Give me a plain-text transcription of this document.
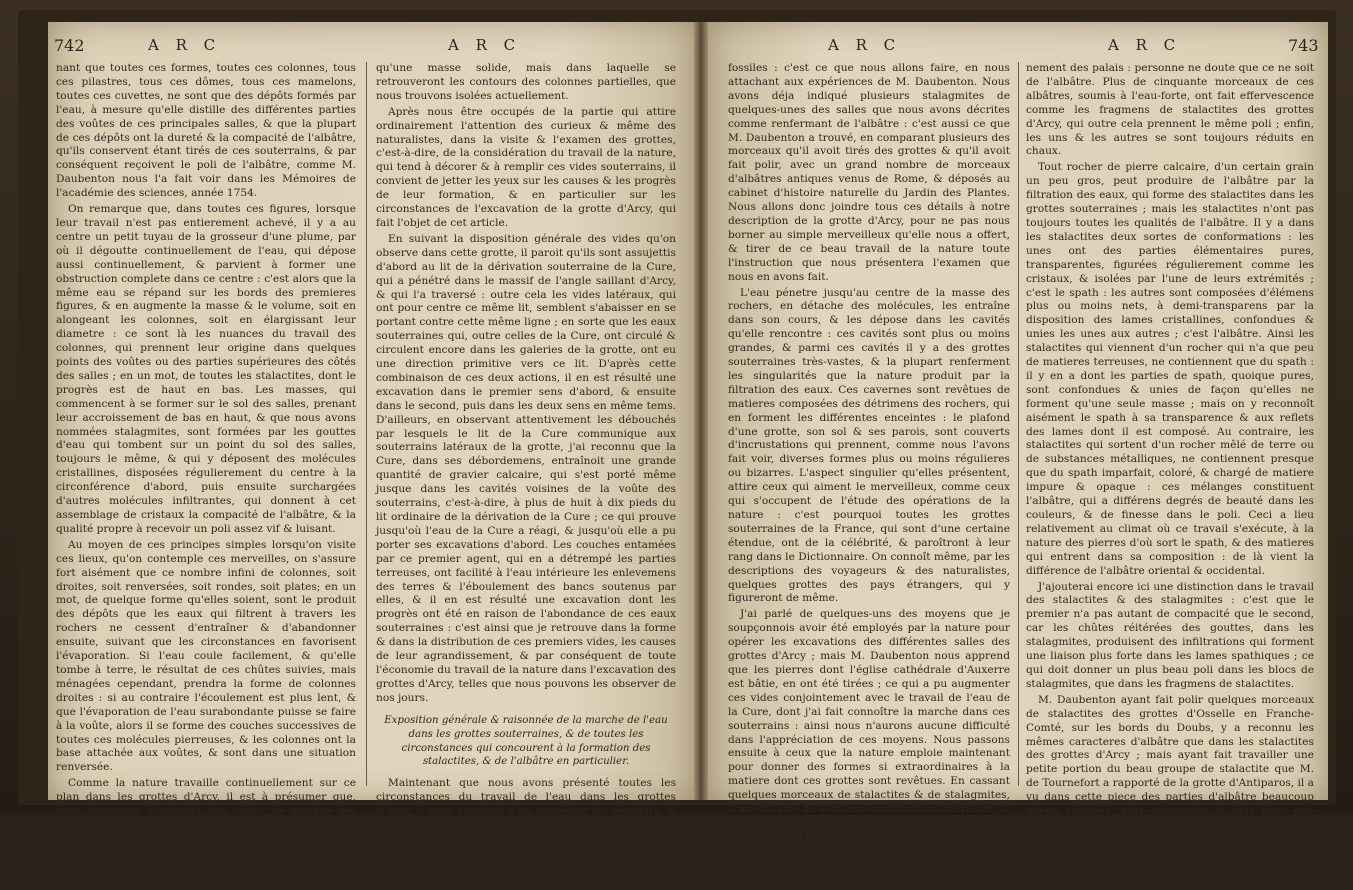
742	A R C	A R C

nant que toutes ces formes, toutes ces colonnes, tous ces pilastres, tous ces dômes, tous ces mamelons, toutes ces cuvettes, ne sont que des dépôts formés par l'eau, à mesure qu'elle distille des différentes parties des voûtes de ces principales salles, & que la plupart de ces dépôts ont la dureté & la compacité de l'albâtre, qu'ils conservent étant tirés de ces souterrains, & par conséquent reçoivent le poli de l'albâtre, comme M. Daubenton nous l'a fait voir dans les Mémoires de l'académie des sciences, année 1754.

On remarque que, dans toutes ces figures, lorsque leur travail n'est pas entierement achevé, il y a au centre un petit tuyau de la grosseur d'une plume, par où il dégoutte continuellement de l'eau, qui dépose aussi continuellement, & parvient à former une obstruction complete dans ce centre : c'est alors que la même eau se répand sur les bords des premieres figures, & en augmente la masse & le volume, soit en alongeant les colonnes, soit en élargissant leur diametre : ce sont là les nuances du travail des colonnes, qui prennent leur origine dans quelques points des voûtes ou des parties supérieures des côtés des salles ; en un mot, de toutes les stalactites, dont le progrès est de haut en bas. Les masses, qui commencent à se former sur le sol des salles, prenant leur accroissement de bas en haut, & que nous avons nommées stalagmites, sont formées par les gouttes d'eau qui tombent sur un point du sol des salles, toujours le même, & qui y déposent des molécules cristallines, disposées régulierement du centre à la circonférence d'abord, puis ensuite surchargées d'autres molécules infiltrantes, qui donnent à cet assemblage de cristaux la compacité de l'albâtre, & la qualité propre à recevoir un poli assez vif & luisant.

Au moyen de ces principes simples lorsqu'on visite ces lieux, qu'on contemple ces merveilles, on s'assure fort aisément que ce nombre infini de colonnes, soit droites, soit renversées, soit rondes, soit plates; en un mot, de quelque forme qu'elles soient, sont le produit des dépôts que les eaux qui filtrent à travers les rochers ne cessent d'entraîner & d'abandonner ensuite, suivant que les circonstances en favorisent l'évaporation. Si l'eau coule facilement, & qu'elle tombe à terre, le résultat de ces chûtes suivies, mais ménagées cependant, prendra la forme de colonnes droites : si au contraire l'écoulement est plus lent, & que l'évaporation de l'eau surabondante puisse se faire à la voûte, alors il se forme des couches successives de toutes ces molécules pierreuses, & les colonnes ont la base attachée aux voûtes, & sont dans une situation renversée.

Comme la nature travaille continuellement sur ce plan dans les grottes d'Arcy, il est à présumer que, dans beaucoup d'endroits des salles, le nombre des dépôts augmentera au point qu'il ne restera plus de vide, & que le tout ne formera plus

qu'une masse solide, mais dans laquelle se retrouveront les contours des colonnes partielles, que nous trouvons isolées actuellement.

Après nous être occupés de la partie qui attire ordinairement l'attention des curieux & même des naturalistes, dans la visite & l'examen des grottes, c'est-à-dire, de la considération du travail de la nature, qui tend à décorer & à remplir ces vides souterrains, il convient de jetter les yeux sur les causes & les progrès de leur formation, & en particulier sur les circonstances de l'excavation de la grotte d'Arcy, qui fait l'objet de cet article.

En suivant la disposition générale des vides qu'on observe dans cette grotte, il paroit qu'ils sont assujettis d'abord au lit de la dérivation souterraine de la Cure, qui a pénétré dans le massif de l'angle saillant d'Arcy, & qui l'a traversé : outre cela les vides latéraux, qui ont pour centre ce même lit, semblent s'abaisser en se portant contre cette même ligne ; en sorte que les eaux souterraines qui, outre celles de la Cure, ont circulé & circulent encore dans les galeries de la grotte, ont eu une direction primitive vers ce lit. D'après cette combinaison de ces deux actions, il en est résulté une excavation dans le premier sens d'abord, & ensuite dans le second, puis dans les deux sens en même tems. D'ailleurs, en observant attentivement les débouchés par lesquels le lit de la Cure communique aux souterrains latéraux de la grotte, j'ai reconnu que la Cure, dans ses débordemens, entraînoit une grande quantité de gravier calcaire, qui s'est porté même jusque dans les cavités voisines de la voûte des souterrains, c'est-à-dire, à plus de huit à dix pieds du lit ordinaire de la dérivation de la Cure ; ce qui prouve jusqu'où l'eau de la Cure a réagi, & jusqu'où elle a pu porter ses excavations d'abord. Les couches entamées par ce premier agent, qui en a détrempé les parties terreuses, ont facilité à l'eau intérieure les enlevemens des terres & l'éboulement des bancs soutenus par elles, & il en est résulté une excavation dont les progrès ont été en raison de l'abondance de ces eaux souterraines : c'est ainsi que je retrouve dans la forme & dans la distribution de ces premiers vides, les causes de leur agrandissement, & par conséquent de toute l'économie du travail de la nature dans l'excavation des grottes d'Arcy, telles que nous pouvons les observer de nos jours.

Exposition générale & raisonnée de la marche de l'eau dans les grottes souterraines, & de toutes les circonstances qui concourent à la formation des stalactites, & de l'albâtre en particulier.

Maintenant que nous avons présenté toutes les circonstances du travail de l'eau dans les grottes d'Arcy, il nous convient d'en apprécier les résultats, & de les ranger par ordre dans la liste de nos

A R C	A R C	743

fossiles : c'est ce que nous allons faire, en nous attachant aux expériences de M. Daubenton. Nous avons déja indiqué plusieurs stalagmites de quelques-unes des salles que nous avons décrites comme renfermant de l'albâtre : c'est aussi ce que M. Daubenton a trouvé, en comparant plusieurs des morceaux qu'il avoit tirés des grottes & qu'il avoit fait polir, avec un grand nombre de morceaux d'albâtres antiques venus de Rome, & déposés au cabinet d'histoire naturelle du Jardin des Plantes. Nous allons donc joindre tous ces détails à notre description de la grotte d'Arcy, pour ne pas nous borner au simple merveilleux qu'elle nous a offert, & tirer de ce beau travail de la nature toute l'instruction que nous présentera l'examen que nous en avons fait.

L'eau pénetre jusqu'au centre de la masse des rochers, en détache des molécules, les entraîne dans son cours, & les dépose dans les cavités qu'elle rencontre : ces cavités sont plus ou moins grandes, & parmi ces cavités il y a des grottes souterraines très-vastes, & la plupart renferment les singularités que la nature produit par la filtration des eaux. Ces cavernes sont revêtues de matieres composées des détrimens des rochers, qui en forment les différentes enceintes : le plafond d'une grotte, son sol & ses parois, sont couverts d'incrustations qui prennent, comme nous l'avons fait voir, diverses formes plus ou moins régulieres ou bizarres. L'aspect singulier qu'elles présentent, attire ceux qui aiment le merveilleux, comme ceux qui s'occupent de l'étude des opérations de la nature : c'est pourquoi toutes les grottes souterraines de la France, qui sont d'une certaine étendue, ont de la célébrité, & paroîtront à leur rang dans le Dictionnaire. On connoît même, par les descriptions des voyageurs & des naturalistes, quelques grottes des pays étrangers, qui y figureront de même.

J'ai parlé de quelques-uns des moyens que je soupçonnois avoir été employés par la nature pour opérer les excavations des différentes salles des grottes d'Arcy ; mais M. Daubenton nous apprend que les pierres dont l'église cathédrale d'Auxerre est bâtie, en ont été tirées ; ce qui a pu augmenter ces vides conjointement avec le travail de l'eau de la Cure, dont j'ai fait connoître la marche dans ces souterrains : ainsi nous n'aurons aucune difficulté dans l'appréciation de ces moyens. Nous passons ensuite à ceux que la nature emploie maintenant pour donner des formes si extraordinaires à la matiere dont ces grottes sont revêtues. En cassant quelques morceaux de stalactites & de stalagmites, il me fut aisé de voir leur construction intérieure, & de reconnoître que cette matiere étoit de l'albâtre, comme nous l'avons déja dit d'après M. Daubenton.

Effectivement, nous voyons tous les jours différentes pieces de la même matiere sous la forme de tables, d'urnes, de grands vases, qui font l'or-

nement des palais : personne ne doute que ce ne soit de l'albâtre. Plus de cinquante morceaux de ces albâtres, soumis à l'eau-forte, ont fait effervescence comme les fragmens de stalactites des grottes d'Arcy, qui outre cela prennent le même poli ; enfin, les uns & les autres se sont toujours réduits en chaux.

Tout rocher de pierre calcaire, d'un certain grain un peu gros, peut produire de l'albâtre par la filtration des eaux, qui forme des stalactites dans les grottes souterraines ; mais les stalactites n'ont pas toujours toutes les qualités de l'albâtre. Il y a dans les stalactites deux sortes de conformations : les unes ont des parties élémentaires pures, transparentes, figurées régulierement comme les cristaux, & isolées par l'une de leurs extrémités ; c'est le spath : les autres sont composées d'élémens plus ou moins nets, à demi-transparens par la disposition des lames cristallines, confondues & unies les unes aux autres ; c'est l'albâtre. Ainsi les stalactites qui viennent d'un rocher qui n'a que peu de matieres terreuses, ne contiennent que du spath : il y en a dont les parties de spath, quoique pures, sont confondues & unies de façon qu'elles ne forment qu'une seule masse ; mais on y reconnoît aisément le spath à sa transparence & aux reflets des lames dont il est composé. Au contraire, les stalactites qui sortent d'un rocher mêlé de terre ou de substances métalliques, ne contiennent presque que du spath imparfait, coloré, & chargé de matiere impure & opaque : ces mélanges constituent l'albâtre, qui a différens degrés de beauté dans les couleurs, & de finesse dans le poli. Ceci a lieu relativement au climat où ce travail s'exécute, à la nature des pierres d'où sort le spath, & des matieres qui entrent dans sa composition : de là vient la différence de l'albâtre oriental & occidental.

J'ajouterai encore ici une distinction dans le travail des stalactites & des stalagmites : c'est que le premier n'a pas autant de compacité que le second, car les chûtes réitérées des gouttes, dans les stalagmites, produisent des infiltrations qui forment une liaison plus forte dans les lames spathiques ; ce qui doit donner un plus beau poli dans les blocs de stalagmites, que dans les fragmens de stalactites.

M. Daubenton ayant fait polir quelques morceaux de stalactites des grottes d'Osselle en Franche-Comté, sur les bords du Doubs, y a reconnu les mêmes caracteres d'albâtre que dans les stalactites des grottes d'Arcy ; mais ayant fait travailler une petite portion du beau groupe de stalactite que M. de Tournefort a rapporté de la grotte d'Antiparos, il a vu dans cette piece des parties d'albâtre beaucoup mieux colorées, plus compactes & plus fines que dans l'albâtre d'Osselle & dans celui d'Arcy, qui ne sont pas susceptibles d'un aussi beau poli que les albâtres orientaux. On conçoit aisément les causes de toutes les différences qui se
